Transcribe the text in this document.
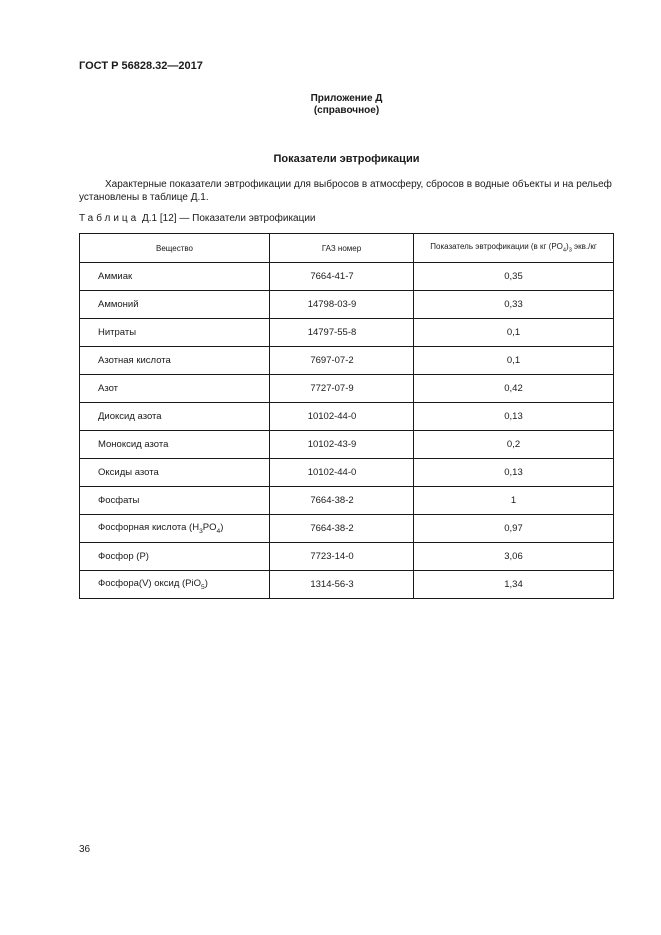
ГОСТ Р 56828.32—2017
Приложение Д
(справочное)
Показатели эвтрофикации
Характерные показатели эвтрофикации для выбросов в атмосферу, сбросов в водные объекты и на рельеф установлены в таблице Д.1.
Таблица Д.1 [12] — Показатели эвтрофикации
Вещество	ГАЗ номер	Показатель эвтрофикации (в кг $(PO_4)_3$ экв./кг
Аммиак	7664-41-7	0,35
Аммоний	14798-03-9	0,33
Нитраты	14797-55-8	0,1
Азотная кислота	7697-07-2	0,1
Азот	7727-07-9	0,42
Диоксид азота	10102-44-0	0,13
Моноксид азота	10102-43-9	0,2
Оксиды азота	10102-44-0	0,13
Фосфаты	7664-38-2	1
Фосфорная кислота $(H_3PO_4)$	7664-38-2	0,97
Фосфор (P)	7723-14-0	3,06
Фосфора(V) оксид (PiO$_5$)	1314-56-3	1,34
36
